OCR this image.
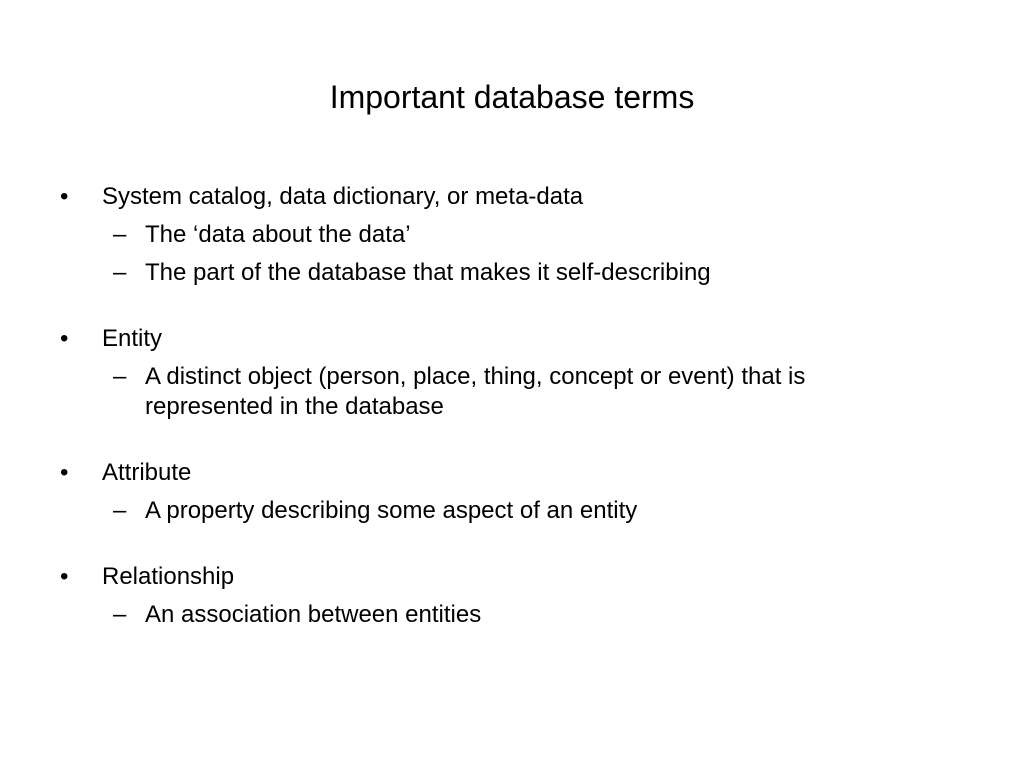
Important database terms
•	System catalog, data dictionary, or meta-data
– The ‘data about the data’
– The part of the database that makes it self-describing
•	Entity
– A distinct object (person, place, thing, concept or event) that is represented in the database
•	Attribute
– A property describing some aspect of an entity
•	Relationship
– An association between entities
